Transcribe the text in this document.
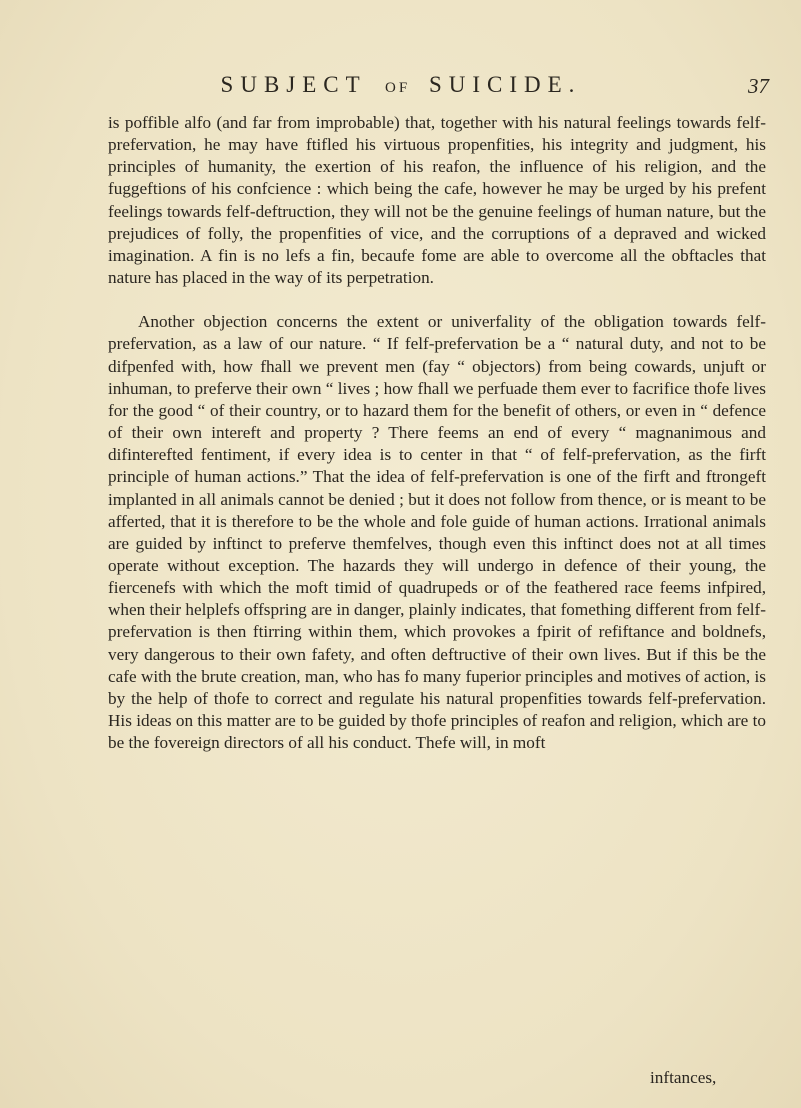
SUBJECT OF SUICIDE.	37

is poffible alfo (and far from improbable) that, together with his natural feelings towards felf-prefervation, he may have ftifled his virtuous propenfities, his integrity and judgment, his principles of humanity, the exertion of his reafon, the influence of his religion, and the fuggeftions of his confcience : which being the cafe, however he may be urged by his prefent feelings towards felf-deftruction, they will not be the genuine feelings of human nature, but the prejudices of folly, the propenfities of vice, and the corruptions of a depraved and wicked imagination. A fin is no lefs a fin, becaufe fome are able to overcome all the obftacles that nature has placed in the way of its perpetration.

Another objection concerns the extent or univerfality of the obligation towards felf-prefervation, as a law of our nature. “ If felf-prefervation be a “ natural duty, and not to be difpenfed with, how fhall we prevent men (fay “ objectors) from being cowards, unjuft or inhuman, to preferve their own “ lives ; how fhall we perfuade them ever to facrifice thofe lives for the good “ of their country, or to hazard them for the benefit of others, or even in “ defence of their own intereft and property ? There feems an end of every “ magnanimous and difinterefted fentiment, if every idea is to center in that “ of felf-prefervation, as the firft principle of human actions.” That the idea of felf-prefervation is one of the firft and ftrongeft implanted in all animals cannot be denied ; but it does not follow from thence, or is meant to be afferted, that it is therefore to be the whole and fole guide of human actions. Irrational animals are guided by inftinct to preferve themfelves, though even this inftinct does not at all times operate without exception. The hazards they will undergo in defence of their young, the fiercenefs with which the moft timid of quadrupeds or of the feathered race feems infpired, when their helplefs offspring are in danger, plainly indicates, that fomething different from felf-prefervation is then ftirring within them, which provokes a fpirit of refiftance and boldnefs, very dangerous to their own fafety, and often deftructive of their own lives. But if this be the cafe with the brute creation, man, who has fo many fuperior principles and motives of action, is by the help of thofe to correct and regulate his natural propenfities towards felf-prefervation. His ideas on this matter are to be guided by thofe principles of reafon and religion, which are to be the fovereign directors of all his conduct. Thefe will, in moft

inftances,
